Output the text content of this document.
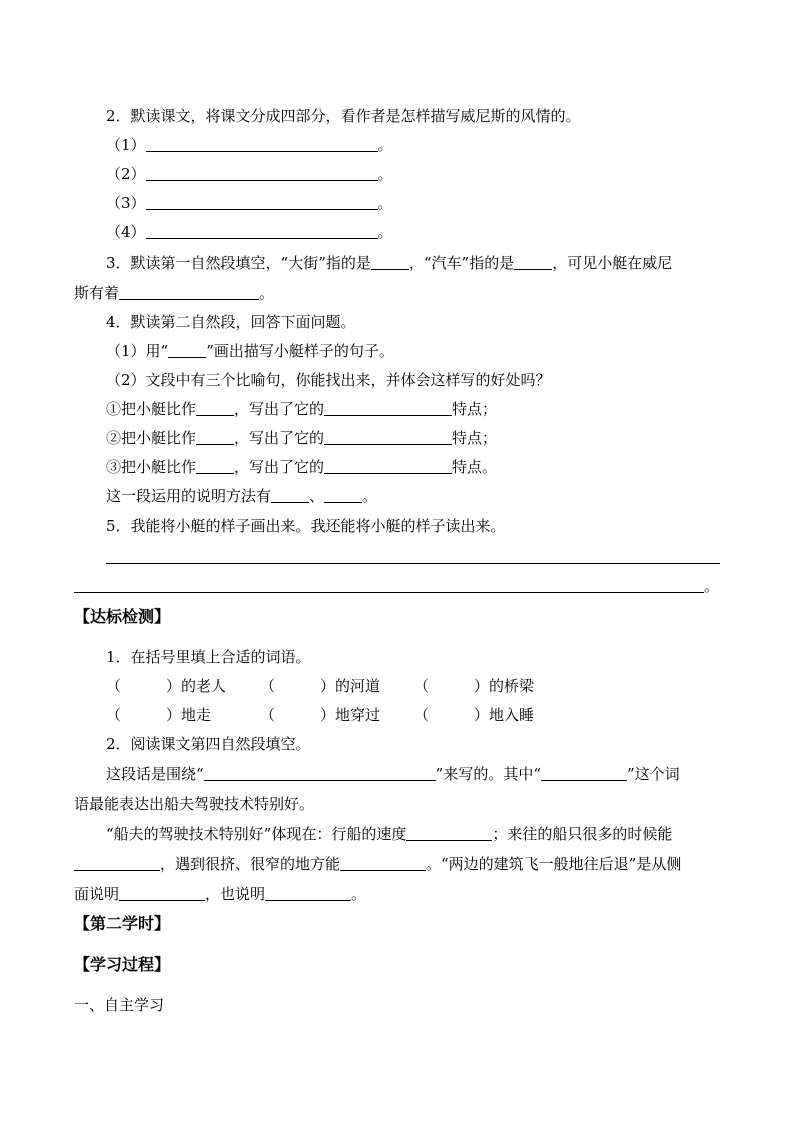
2．默读课文，将课文分成四部分，看作者是怎样描写威尼斯的风情的。
（1）	。
（2）	。
（3）	。
（4）	。
3．默读第一自然段填空，“大街”指的是	，“汽车”指的是	，可见小艇在威尼
斯有着	。
4．默读第二自然段，回答下面问题。
（1）用“	”画出描写小艇样子的句子。
（2）文段中有三个比喻句，你能找出来，并体会这样写的好处吗？
①把小艇比作	，写出了它的	特点；
②把小艇比作	，写出了它的	特点；
③把小艇比作	，写出了它的	特点。
这一段运用的说明方法有	、	。
5．我能将小艇的样子画出来。我还能将小艇的样子读出来。
。
【达标检测】
1．在括号里填上合适的词语。
（　　　）的老人 （　　　）的河道 （　　　）的桥梁
（　　　）地走	（　　　）地穿过 （　　　）地入睡
2．阅读课文第四自然段填空。
这段话是围绕“	”来写的。其中“	”这个词
语最能表达出船夫驾驶技术特别好。
“船夫的驾驶技术特别好”体现在：行船的速度	；来往的船只很多的时候能
，遇到很挤、很窄的地方能	。“两边的建筑飞一般地往后退”是从侧
面说明	，也说明	。
【第二学时】
【学习过程】
一、自主学习
